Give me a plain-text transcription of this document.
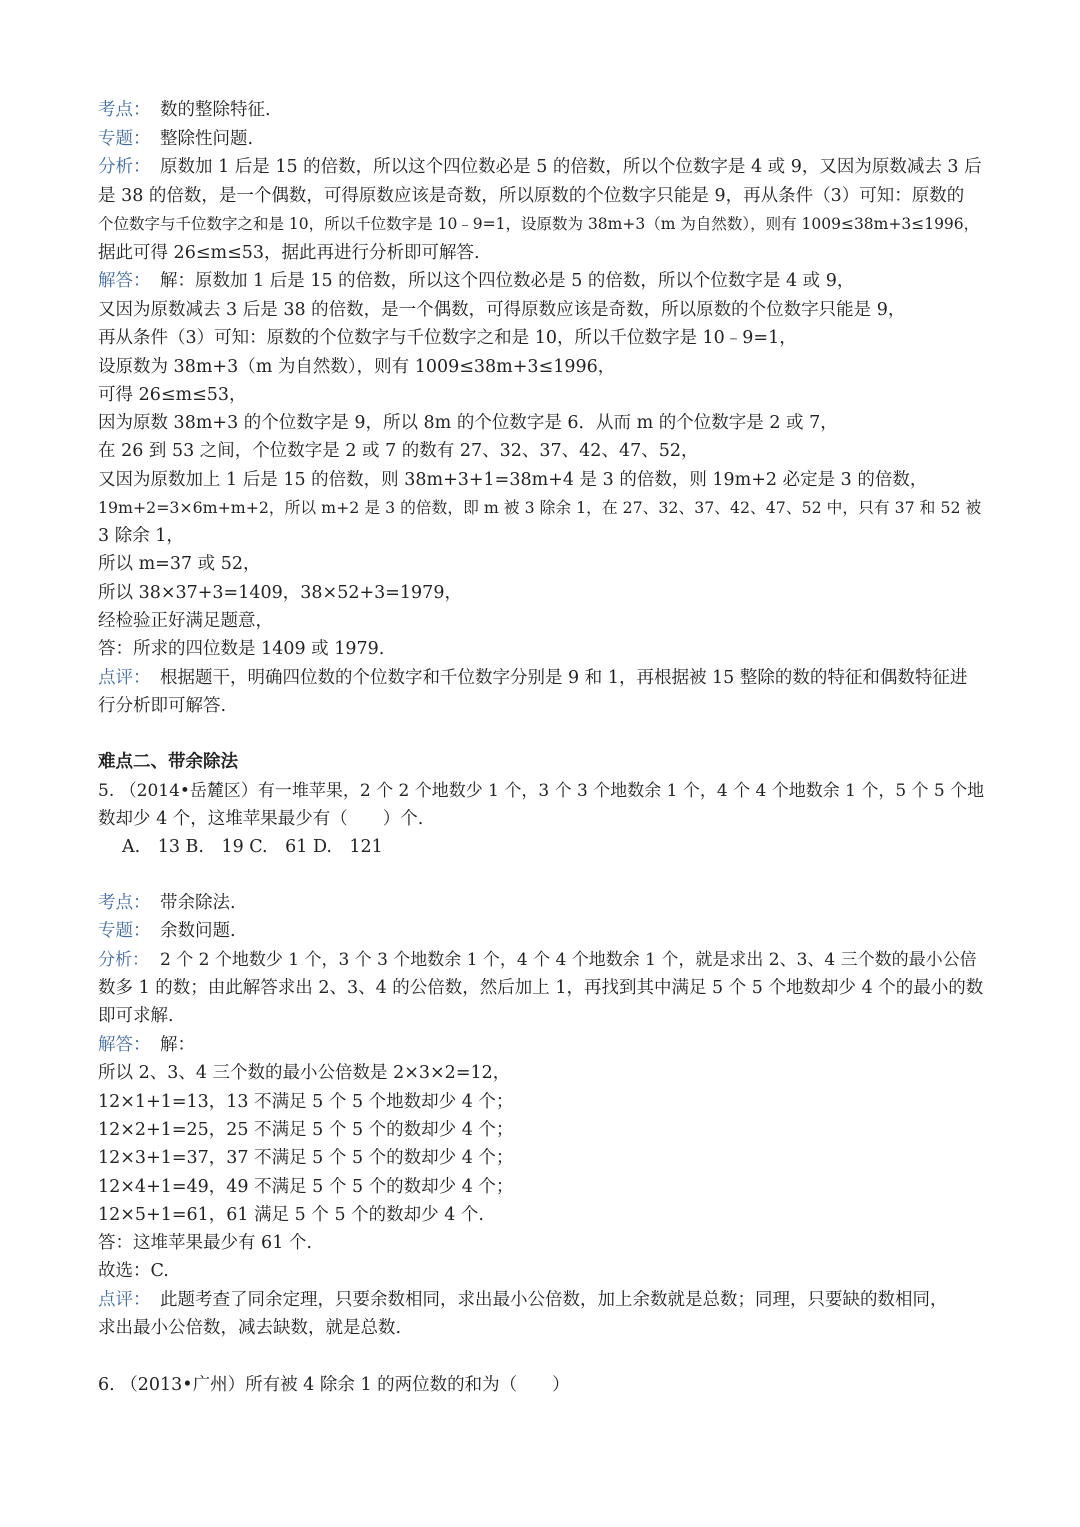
考点： 数的整除特征.
专题： 整除性问题.
分析： 原数加 1 后是 15 的倍数，所以这个四位数必是 5 的倍数，所以个位数字是 4 或 9，又因为原数减去 3 后
是 38 的倍数，是一个偶数，可得原数应该是奇数，所以原数的个位数字只能是 9，再从条件（3）可知：原数的
个位数字与千位数字之和是 10，所以千位数字是 10﹣9=1，设原数为 38m+3（m 为自然数），则有 1009≤38m+3≤1996，
据此可得 26≤m≤53，据此再进行分析即可解答.
解答： 解：原数加 1 后是 15 的倍数，所以这个四位数必是 5 的倍数，所以个位数字是 4 或 9，
又因为原数减去 3 后是 38 的倍数，是一个偶数，可得原数应该是奇数，所以原数的个位数字只能是 9，
再从条件（3）可知：原数的个位数字与千位数字之和是 10，所以千位数字是 10﹣9=1，
设原数为 38m+3（m 为自然数），则有 1009≤38m+3≤1996，
可得 26≤m≤53，
因为原数 38m+3 的个位数字是 9，所以 8m 的个位数字是 6．从而 m 的个位数字是 2 或 7，
在 26 到 53 之间，个位数字是 2 或 7 的数有 27、32、37、42、47、52，
又因为原数加上 1 后是 15 的倍数，则 38m+3+1=38m+4 是 3 的倍数，则 19m+2 必定是 3 的倍数，
19m+2=3×6m+m+2，所以 m+2 是 3 的倍数，即 m 被 3 除余 1，在 27、32、37、42、47、52 中，只有 37 和 52 被
3 除余 1，
所以 m=37 或 52，
所以 38×37+3=1409，38×52+3=1979，
经检验正好满足题意，
答：所求的四位数是 1409 或 1979.
点评： 根据题干，明确四位数的个位数字和千位数字分别是 9 和 1，再根据被 15 整除的数的特征和偶数特征进
行分析即可解答.
难点二、带余除法
5. （2014•岳麓区）有一堆苹果，2 个 2 个地数少 1 个，3 个 3 个地数余 1 个，4 个 4 个地数余 1 个，5 个 5 个地
数却少 4 个，这堆苹果最少有（　　）个.
A.　13 B.　19 C.　61 D.　121
考点： 带余除法.
专题： 余数问题.
分析： 2 个 2 个地数少 1 个，3 个 3 个地数余 1 个，4 个 4 个地数余 1 个，就是求出 2、3、4 三个数的最小公倍
数多 1 的数；由此解答求出 2、3、4 的公倍数，然后加上 1，再找到其中满足 5 个 5 个地数却少 4 个的最小的数
即可求解.
解答： 解：
所以 2、3、4 三个数的最小公倍数是 2×3×2=12，
12×1+1=13，13 不满足 5 个 5 个地数却少 4 个；
12×2+1=25，25 不满足 5 个 5 个的数却少 4 个；
12×3+1=37，37 不满足 5 个 5 个的数却少 4 个；
12×4+1=49，49 不满足 5 个 5 个的数却少 4 个；
12×5+1=61，61 满足 5 个 5 个的数却少 4 个.
答：这堆苹果最少有 61 个.
故选：C.
点评： 此题考查了同余定理，只要余数相同，求出最小公倍数，加上余数就是总数；同理，只要缺的数相同，
求出最小公倍数，减去缺数，就是总数.
6. （2013•广州）所有被 4 除余 1 的两位数的和为（　　）
